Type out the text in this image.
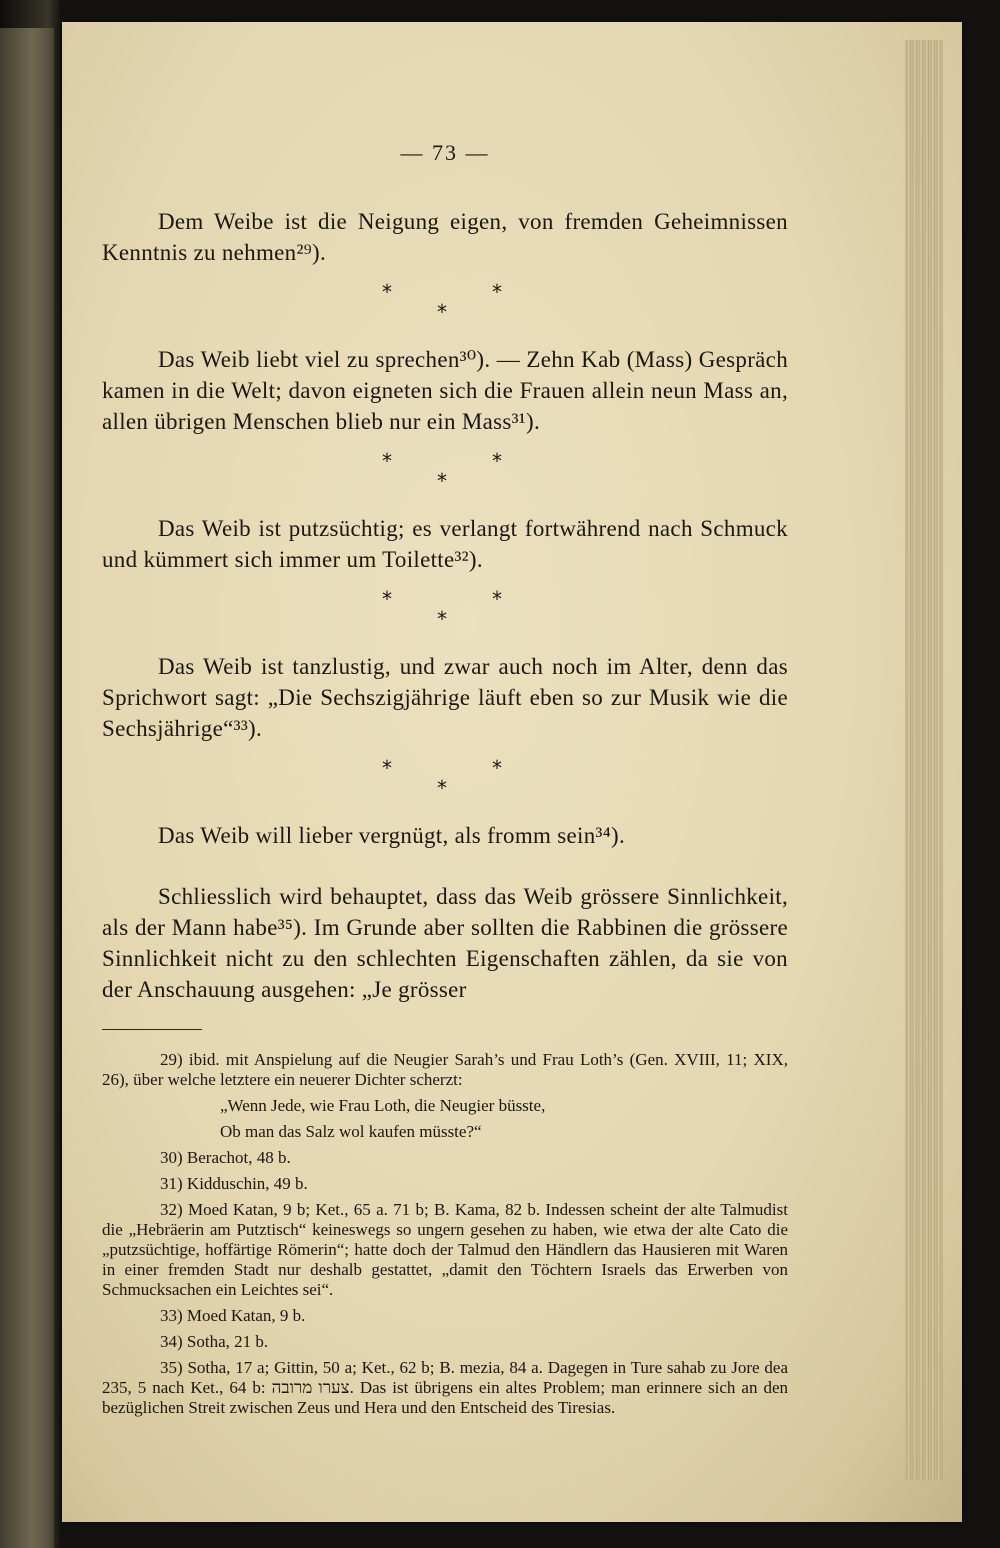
— 73 —

Dem Weibe ist die Neigung eigen, von fremden Geheimnissen Kenntnis zu nehmen²⁹).

*	*
*

Das Weib liebt viel zu sprechen³⁰). — Zehn Kab (Mass) Gespräch kamen in die Welt; davon eigneten sich die Frauen allein neun Mass an, allen übrigen Menschen blieb nur ein Mass³¹).

*	*
*

Das Weib ist putzsüchtig; es verlangt fortwährend nach Schmuck und kümmert sich immer um Toilette³²).

*	*
*

Das Weib ist tanzlustig, und zwar auch noch im Alter, denn das Sprichwort sagt: „Die Sechszigjährige läuft eben so zur Musik wie die Sechsjährige“³³).

*	*
*

Das Weib will lieber vergnügt, als fromm sein³⁴).

Schliesslich wird behauptet, dass das Weib grössere Sinnlichkeit, als der Mann habe³⁵). Im Grunde aber sollten die Rabbinen die grössere Sinnlichkeit nicht zu den schlechten Eigenschaften zählen, da sie von der Anschauung ausgehen: „Je grösser

29) ibid. mit Anspielung auf die Neugier Sarah’s und Frau Loth’s (Gen. XVIII, 11; XIX, 26), über welche letztere ein neuerer Dichter scherzt:

„Wenn Jede, wie Frau Loth, die Neugier büsste,
Ob man das Salz wol kaufen müsste?“

30) Berachot, 48 b.

31) Kidduschin, 49 b.

32) Moed Katan, 9 b; Ket., 65 a. 71 b; B. Kama, 82 b. Indessen scheint der alte Talmudist die „Hebräerin am Putztisch“ keineswegs so ungern gesehen zu haben, wie etwa der alte Cato die „putzsüchtige, hoffärtige Römerin“; hatte doch der Talmud den Händlern das Hausieren mit Waren in einer fremden Stadt nur deshalb gestattet, „damit den Töchtern Israels das Erwerben von Schmucksachen ein Leichtes sei“.

33) Moed Katan, 9 b.

34) Sotha, 21 b.

35) Sotha, 17 a; Gittin, 50 a; Ket., 62 b; B. mezia, 84 a. Dagegen in Ture sahab zu Jore dea 235, 5 nach Ket., 64 b: צערו מרובה. Das ist übrigens ein altes Problem; man erinnere sich an den bezüglichen Streit zwischen Zeus und Hera und den Entscheid des Tiresias.
